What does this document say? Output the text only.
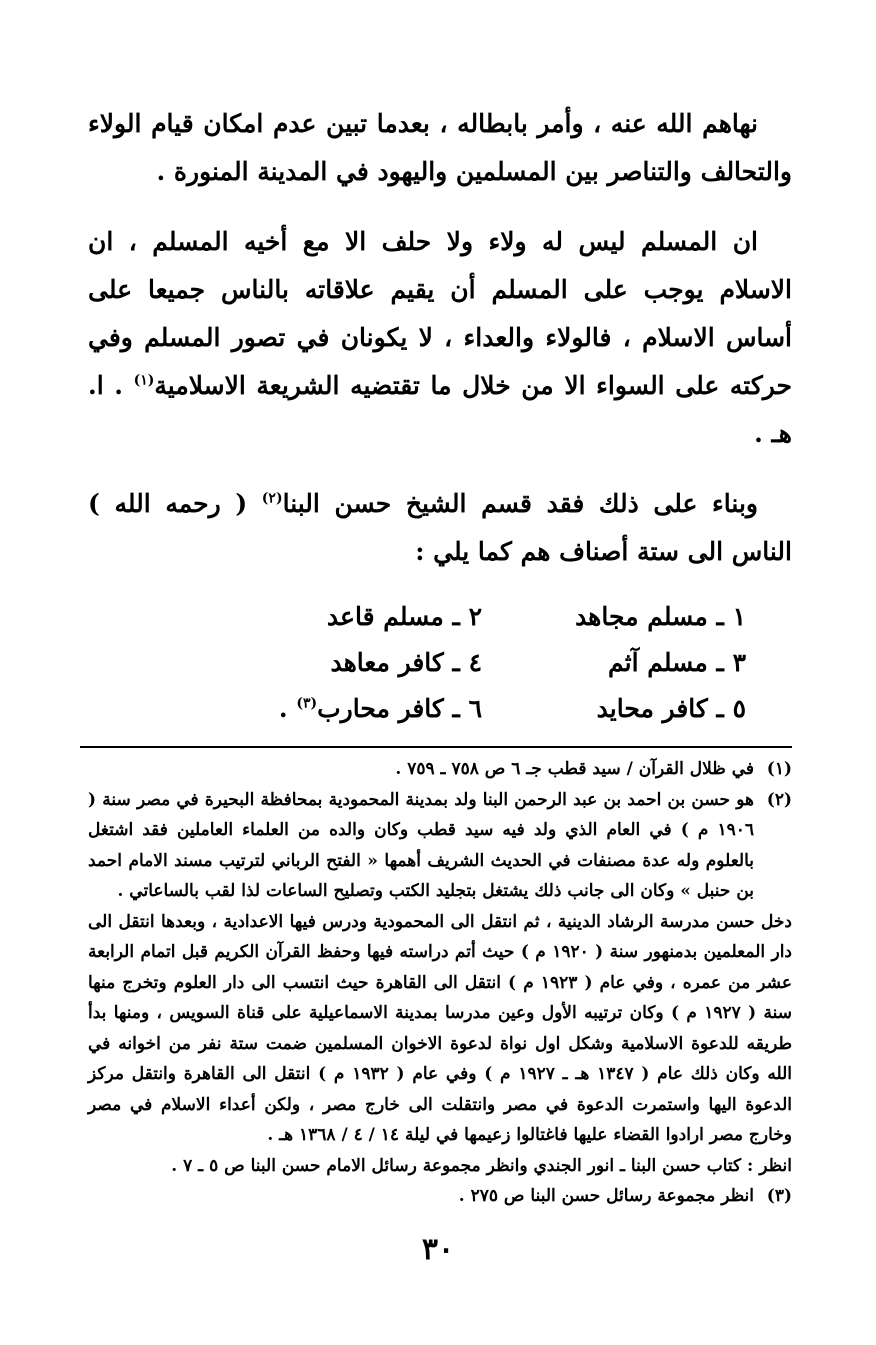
نهاهم الله عنه ، وأمر بابطاله ، بعدما تبين عدم امكان قيام الولاء والتحالف والتناصر بين المسلمين واليهود في المدينة المنورة .

ان المسلم ليس له ولاء ولا حلف الا مع أخيه المسلم ، ان الاسلام يوجب على المسلم أن يقيم علاقاته بالناس جميعا على أساس الاسلام ، فالولاء والعداء ، لا يكونان في تصور المسلم وفي حركته على السواء الا من خلال ما تقتضيه الشريعة الاسلامية$^{(١)}$ . ا. هـ .

وبناء على ذلك فقد قسم الشيخ حسن البنا$^{(٢)}$ ( رحمه الله ) الناس الى ستة أصناف هم كما يلي :

١ ـ مسلم مجاهد
٢ ـ مسلم قاعد
٣ ـ مسلم آثم
٤ ـ كافر معاهد
٥ ـ كافر محايد
٦ ـ كافر محارب$^{(٣)}$ .
(١)
في ظلال القرآن / سيد قطب جـ ٦ ص ٧٥٨ ـ ٧٥٩ .
(٢)
هو حسن بن احمد بن عبد الرحمن البنا ولد بمدينة المحمودية بمحافظة البحيرة في مصر سنة ( ١٩٠٦ م ) في العام الذي ولد فيه سيد قطب وكان والده من العلماء العاملين فقد اشتغل بالعلوم وله عدة مصنفات في الحديث الشريف أهمها « الفتح الرباني لترتيب مسند الامام احمد بن حنبل » وكان الى جانب ذلك يشتغل بتجليد الكتب وتصليح الساعات لذا لقب بالساعاتي .
دخل حسن مدرسة الرشاد الدينية ، ثم انتقل الى المحمودية ودرس فيها الاعدادية ، وبعدها انتقل الى دار المعلمين بدمنهور سنة ( ١٩٢٠ م ) حيث أتم دراسته فيها وحفظ القرآن الكريم قبل اتمام الرابعة عشر من عمره ، وفي عام ( ١٩٢٣ م ) انتقل الى القاهرة حيث انتسب الى دار العلوم وتخرج منها سنة ( ١٩٢٧ م ) وكان ترتيبه الأول وعين مدرسا بمدينة الاسماعيلية على قناة السويس ، ومنها بدأ طريقه للدعوة الاسلامية وشكل اول نواة لدعوة الاخوان المسلمين ضمت ستة نفر من اخوانه في الله وكان ذلك عام ( ١٣٤٧ هـ ـ ١٩٢٧ م ) وفي عام ( ١٩٣٢ م ) انتقل الى القاهرة وانتقل مركز الدعوة اليها واستمرت الدعوة في مصر وانتقلت الى خارج مصر ، ولكن أعداء الاسلام في مصر وخارج مصر ارادوا القضاء عليها فاغتالوا زعيمها في ليلة ١٤ / ٤ / ١٣٦٨ هـ .
انظر : كتاب حسن البنا ـ انور الجندي وانظر مجموعة رسائل الامام حسن البنا ص ٥ ـ ٧ .
(٣)
انظر مجموعة رسائل حسن البنا ص ٢٧٥ .
٣٠
